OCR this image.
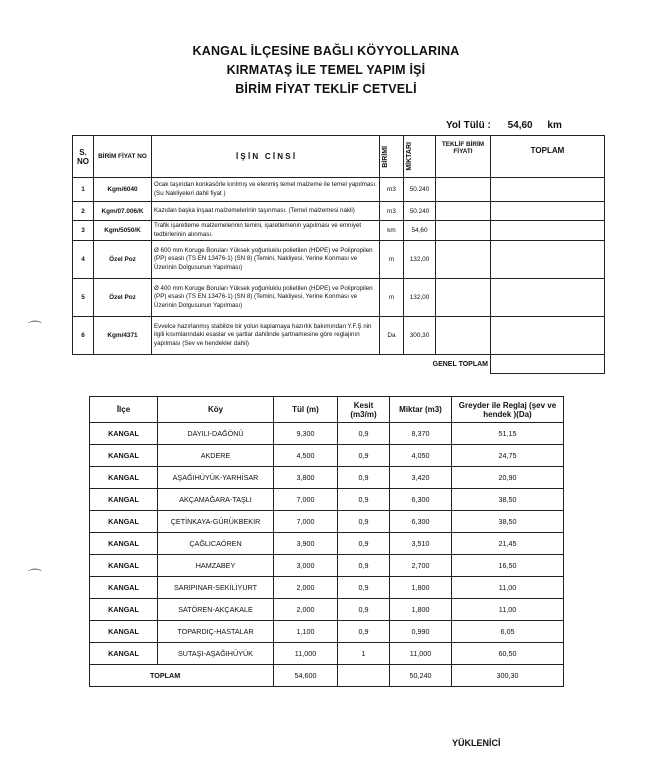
KANGAL İLÇESİNE BAĞLI KÖYYOLLARINA
KIRMATAŞ İLE TEMEL YAPIM İŞİ
BİRİM FİYAT TEKLİF CETVELİ
Yol Tülü : 54,60 km
⌒
⌒
S. NO	BİRİM FİYAT NO	İ Ş İ N   C İ N S İ	BİRİMİ	MİKTARI	TEKLİF BİRİM FİYATI	TOPLAM
1	Kgm/6040	Ocak taşından konkasörle kırılmış ve elenmiş temel malzeme ile temel yapılması. (Su Nakliyeleri dahil fiyat )	m3	50.240		
2	Kgm/07.006/K	Kazıdan başka inşaat malzemelerinin taşınması. (Temel malzemesi nakli)	m3	50.240		
3	Kgm/5050/K	Trafik işaretleme malzemelerinin temini, işaretlemenin yapılması ve emniyet tedbirlerinin alınması.	km	54,60		
4	Özel Poz	Ø 600 mm Koruge Boruları Yüksek yoğunluklu polietilen (HDPE) ve Polipropilen (PP) esaslı (TS EN 13476-1) (SN 8) (Temini, Nakliyesi, Yerine Konması ve Üzerinin Dolgusunun Yapılması)	m	132,00		
5	Özel Poz	Ø 400 mm Koruge Boruları Yüksek yoğunluklu polietilen (HDPE) ve Polipropilen (PP) esaslı (TS EN 13476-1) (SN 8) (Temini, Nakliyesi, Yerine Konması ve Üzerinin Dolgusunun Yapılması)	m	132,00		
6	Kgm/4371	Evvelce hazırlanmış stabilize bir yolun kaplamaya hazırlık bakımından Y.F.Ş nin ilgili kısımlarındaki esaslar ve şartlar dahilinde şartnamesine göre reglajının yapılması (Sev ve hendekler dahil)	Da	300,30		
GENEL TOPLAM						
İlçe	Köy	Tül (m)	Kesit (m3/m)	Miktar (m3)	Greyder ile Reglaj (şev ve hendek )(Da)
KANGAL	DAYILI-DAĞÖNÜ	9,300	0,9	8,370	51,15
KANGAL	AKDERE	4,500	0,9	4,050	24,75
KANGAL	AŞAĞIHÜYÜK-YARHİSAR	3,800	0,9	3,420	20,90
KANGAL	AKÇAMAĞARA-TAŞLI	7,000	0,9	6,300	38,50
KANGAL	ÇETİNKAYA-GÜRÜKBEKİR	7,000	0,9	6,300	38,50
KANGAL	ÇAĞLICAÖREN	3,900	0,9	3,510	21,45
KANGAL	HAMZABEY	3,000	0,9	2,700	16,50
KANGAL	SARIPINAR-SEKİLİYURT	2,000	0,9	1,800	11,00
KANGAL	SATÖREN-AKÇAKALE	2,000	0,9	1,800	11,00
KANGAL	TOPARDIÇ-HASTALAR	1,100	0,9	0,990	6,05
KANGAL	SUTAŞI-AŞAĞIHÜYÜK	11,000	1	11,000	60,50
TOPLAM		54,600		50,240	300,30
YÜKLENİCİ
